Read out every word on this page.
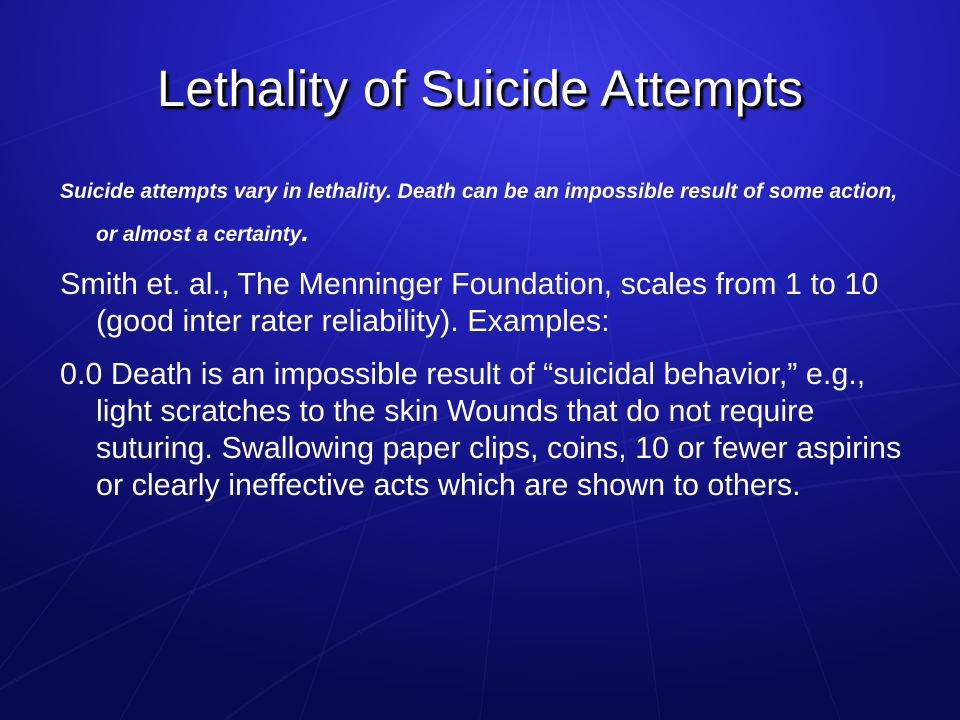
Lethality of Suicide Attempts

Suicide attempts vary in lethality. Death can be an impossible result of some action, or almost a certainty.

Smith et. al., The Menninger Foundation, scales from 1 to 10 (good inter rater reliability). Examples:

0.0 Death is an impossible result of “suicidal behavior,” e.g., light scratches to the skin Wounds that do not require suturing. Swallowing paper clips, coins, 10 or fewer aspirins or clearly ineffective acts which are shown to others.
